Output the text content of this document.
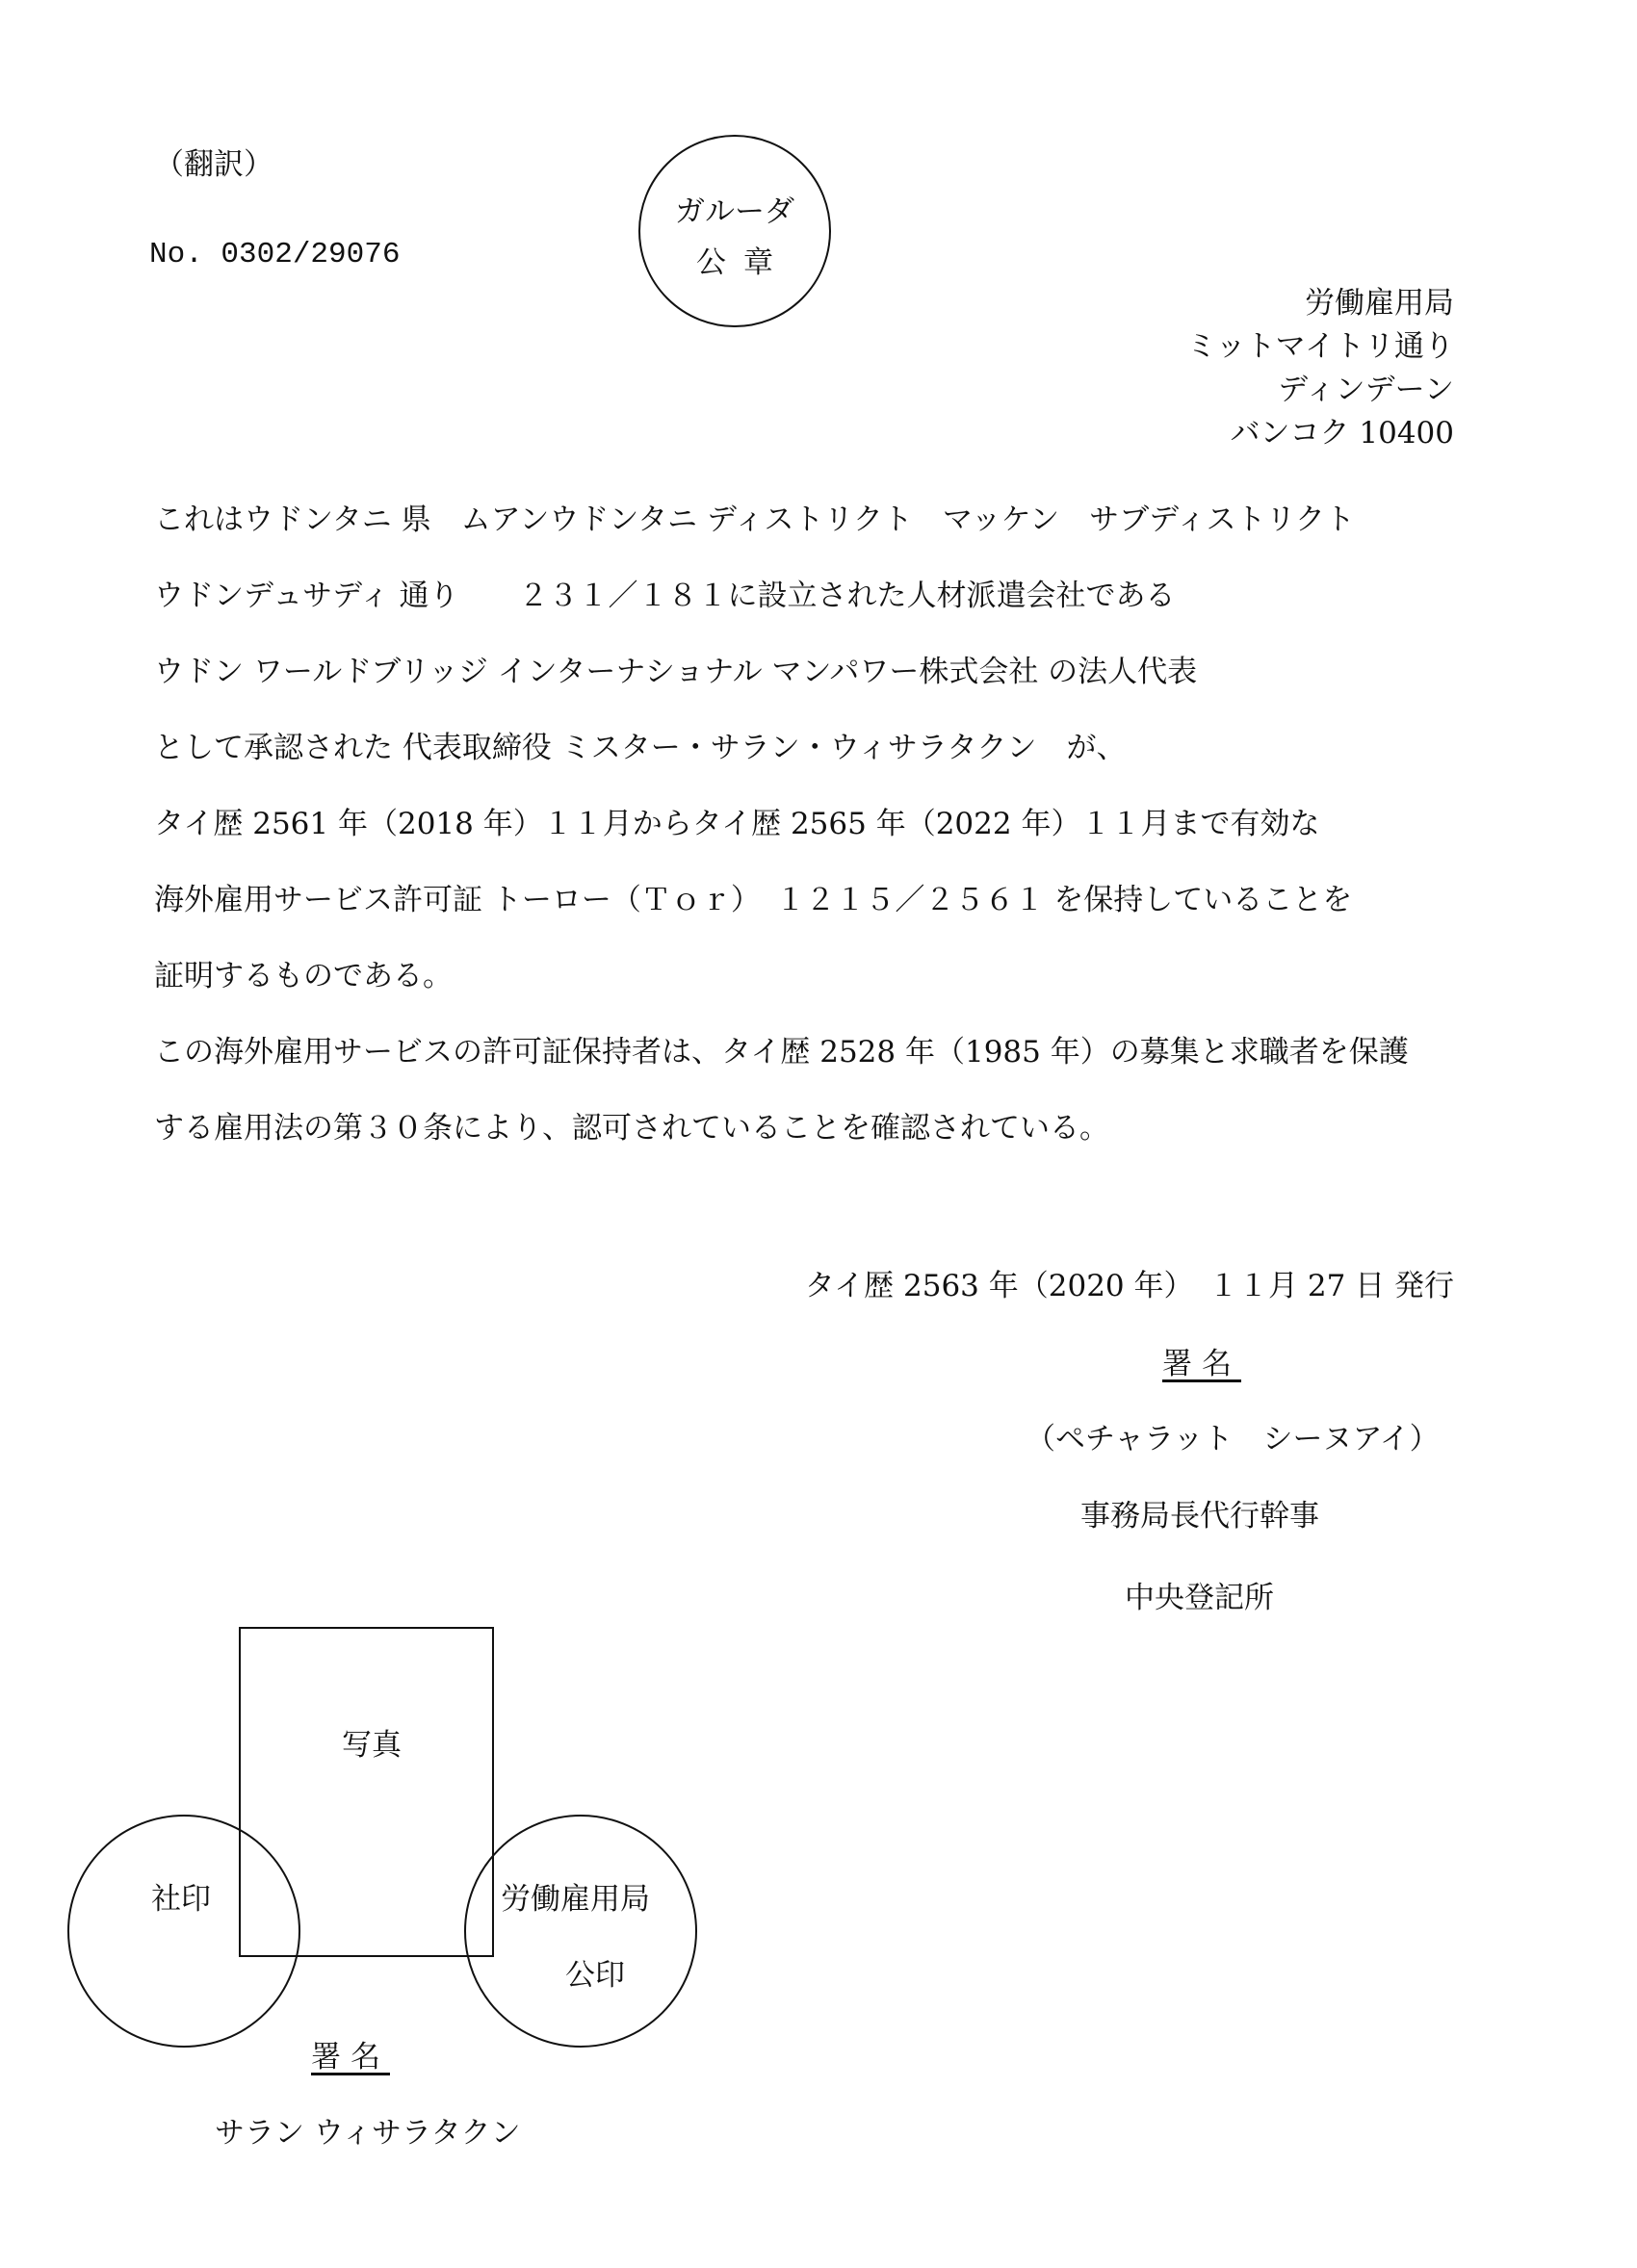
（翻訳）
No. 0302/29076
ガルーダ
公章
労働雇用局
ミットマイトリ通り
ディンデーン
バンコク 10400
これはウドンタニ 県　ムアンウドンタニ ディストリクト　マッケン　サブディストリクト
ウドンデュサディ 通り　　２３１／１８１に設立された人材派遣会社である
ウドン ワールドブリッジ インターナショナル マンパワー株式会社 の法人代表
として承認された 代表取締役 ミスター・サラン・ウィサラタクン　が、
タイ歴 2561 年（2018 年）１１月からタイ歴 2565 年（2022 年）１１月まで有効な
海外雇用サービス許可証 トーロー（Ｔｏｒ）　１２１５／２５６１ を保持していることを
証明するものである。
この海外雇用サービスの許可証保持者は、タイ歴 2528 年（1985 年）の募集と求職者を保護
する雇用法の第３０条により、認可されていることを確認されている。
タイ歴 2563 年（2020 年）　１１月 27 日 発行
署名
（ペチャラット　シーヌアイ）
事務局長代行幹事
中央登記所
写真
社印	労働雇用局
公印
署名
サラン ウィサラタクン
